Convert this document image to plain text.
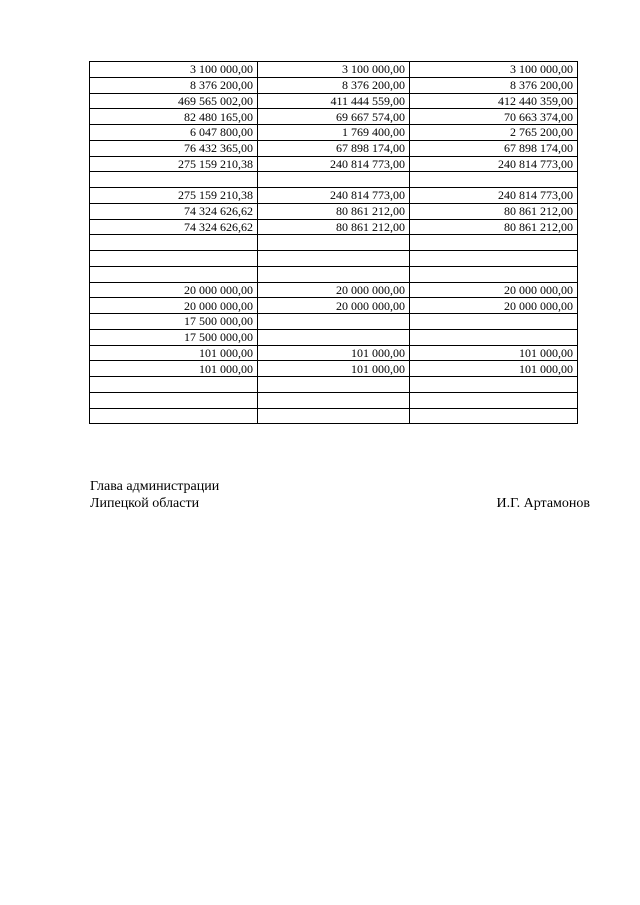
3 100 000,00	3 100 000,00	3 100 000,00
8 376 200,00	8 376 200,00	8 376 200,00
469 565 002,00	411 444 559,00	412 440 359,00
82 480 165,00	69 667 574,00	70 663 374,00
6 047 800,00	1 769 400,00	2 765 200,00
76 432 365,00	67 898 174,00	67 898 174,00
275 159 210,38	240 814 773,00	240 814 773,00

275 159 210,38	240 814 773,00	240 814 773,00
74 324 626,62	80 861 212,00	80 861 212,00
74 324 626,62	80 861 212,00	80 861 212,00

20 000 000,00	20 000 000,00	20 000 000,00
20 000 000,00	20 000 000,00	20 000 000,00
17 500 000,00		
17 500 000,00		
101 000,00	101 000,00	101 000,00
101 000,00	101 000,00	101 000,00

Глава администрации
Липецкой области	И.Г. Артамонов
